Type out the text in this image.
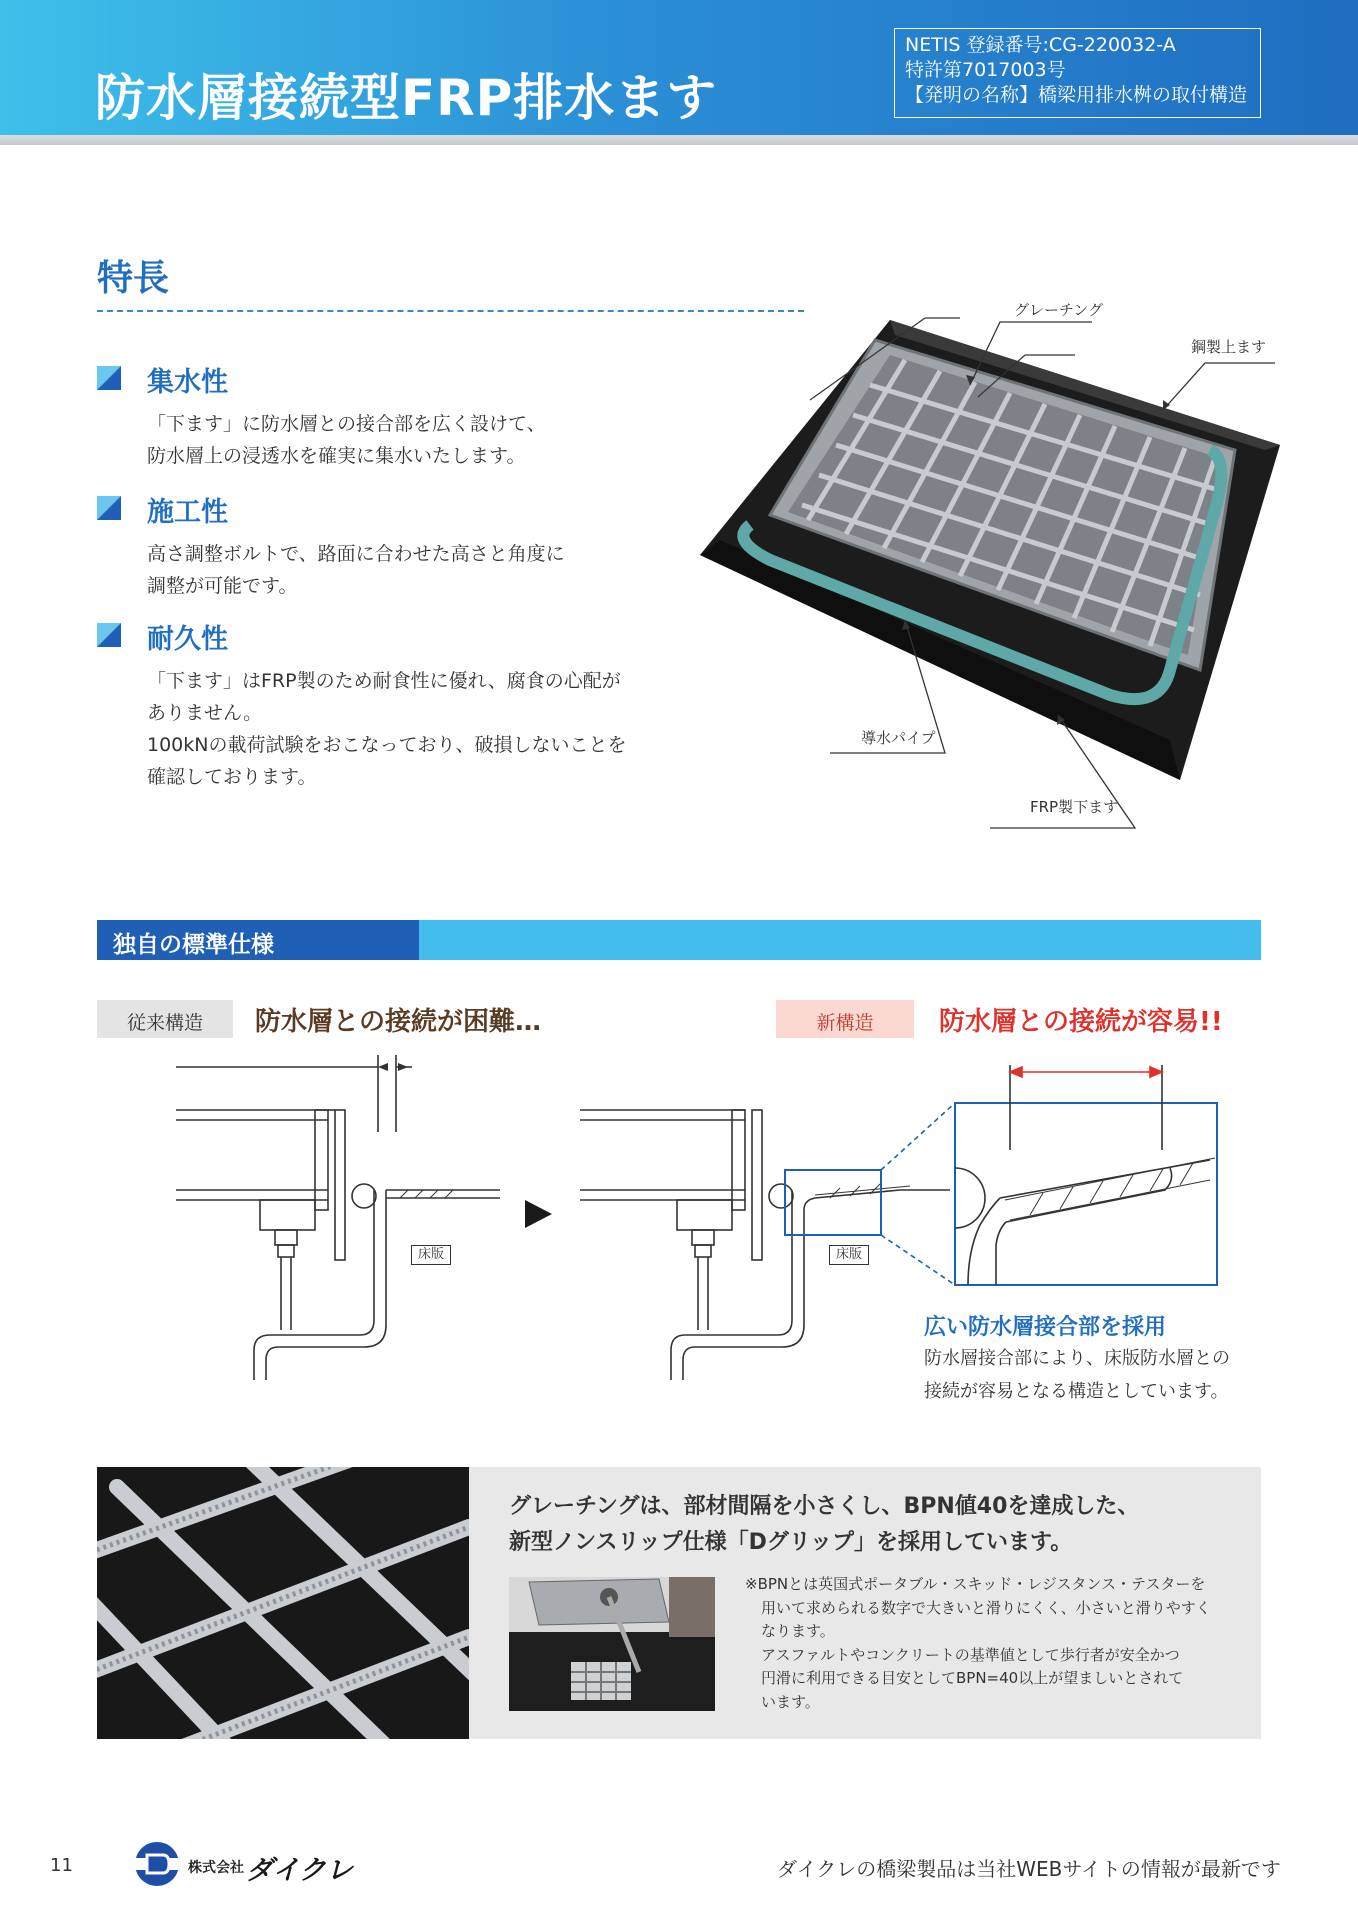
防水層接続型FRP排水ます
NETIS 登録番号:CG-220032-A
特許第7017003号
【発明の名称】橋梁用排水桝の取付構造
特長
集水性
「下ます」に防水層との接合部を広く設けて、
防水層上の浸透水を確実に集水いたします。
施工性
高さ調整ボルトで、路面に合わせた高さと角度に
調整が可能です。
耐久性
「下ます」はFRP製のため耐食性に優れ、腐食の心配が
ありません。
100kNの載荷試験をおこなっており、破損しないことを
確認しております。
グレーチング
鋼製上ます
導水パイプ
FRP製下ます
独自の標準仕様
従来構造	防水層との接続が困難…	新構造	防水層との接続が容易!!
床版	床版
広い防水層接合部を採用
防水層接合部により、床版防水層との
接続が容易となる構造としています。
グレーチングは、部材間隔を小さくし、BPN値40を達成した、
新型ノンスリップ仕様「Dグリップ」を採用しています。
※BPNとは英国式ポータブル・スキッド・レジスタンス・テスターを
用いて求められる数字で大きいと滑りにくく、小さいと滑りやすく
なります。
アスファルトやコンクリートの基準値として歩行者が安全かつ
円滑に利用できる目安としてBPN=40以上が望ましいとされて
います。
11	株式会社 ダイクレ	ダイクレの橋梁製品は当社WEBサイトの情報が最新です
